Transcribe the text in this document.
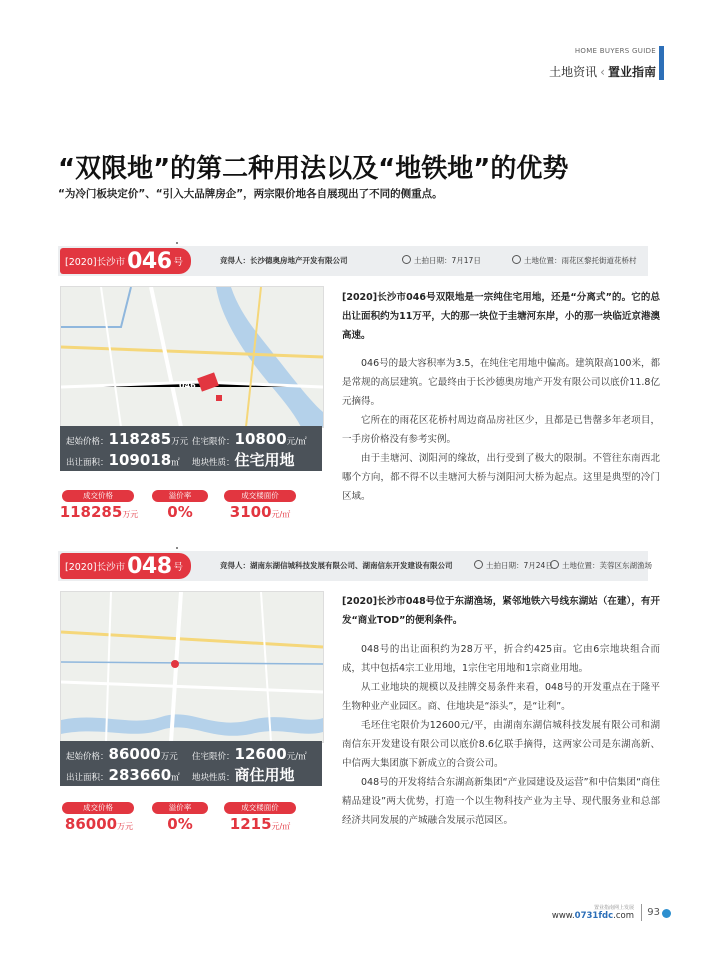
HOME BUYERS GUIDE
土地资讯 ‹ 置业指南
“双限地”的第二种用法以及“地铁地”的优势
“为冷门板块定价”、“引入大品牌房企”，两宗限价地各自展现出了不同的侧重点。
[2020]长沙市 046 号	竞得人：长沙德奥房地产开发有限公司	土拍日期：7月17日	土地位置：雨花区黎托街道花桥村
046
起始价格：118285万元 住宅限价：10800元/㎡
出让面积：109018㎡ 地块性质：住宅用地
成交价格	溢价率	成交楼面价
118285万元	0%	3100元/㎡
[2020]长沙市046号双限地是一宗纯住宅用地，还是“分离式”的。它的总出让面积约为11万平，大的那一块位于圭塘河东岸，小的那一块临近京港澳高速。
046号的最大容积率为3.5，在纯住宅用地中偏高。建筑限高100米，都是常规的高层建筑。它最终由于长沙德奥房地产开发有限公司以底价11.8亿元摘得。
它所在的雨花区花桥村周边商品房社区少，且都是已售罄多年老项目，一手房价格没有参考实例。
由于圭塘河、浏阳河的缘故，出行受到了极大的限制。不管往东南西北哪个方向，都不得不以圭塘河大桥与浏阳河大桥为起点。这里是典型的冷门区域。
[2020]长沙市 048 号	竞得人：湖南东湖信城科技发展有限公司、湖南信东开发建设有限公司	土拍日期：7月24日	土地位置：芙蓉区东湖渔场
起始价格：86000万元 住宅限价：12600元/㎡
出让面积：283660㎡ 地块性质：商住用地
成交价格	溢价率	成交楼面价
86000万元	0%	1215元/㎡
[2020]长沙市048号位于东湖渔场，紧邻地铁六号线东湖站（在建），有开发“商业TOD”的便利条件。
048号的出让面积约为28万平，折合约425亩。它由6宗地块组合而成，其中包括4宗工业用地，1宗住宅用地和1宗商业用地。
从工业地块的规模以及挂牌交易条件来看，048号的开发重点在于隆平生物种业产业园区。商、住地块是“添头”，是“让利”。
毛坯住宅限价为12600元/平，由湖南东湖信城科技发展有限公司和湖南信东开发建设有限公司以底价8.6亿联手摘得，这两家公司是东湖高新、中信两大集团旗下新成立的合资公司。
048号的开发将结合东湖高新集团“产业园建设及运营”和中信集团“商住精品建设”两大优势，打造一个以生物科技产业为主导、现代服务业和总部经济共同发展的产城融合发展示范园区。
置业指南网上发展
www.0731fdc.com 93
